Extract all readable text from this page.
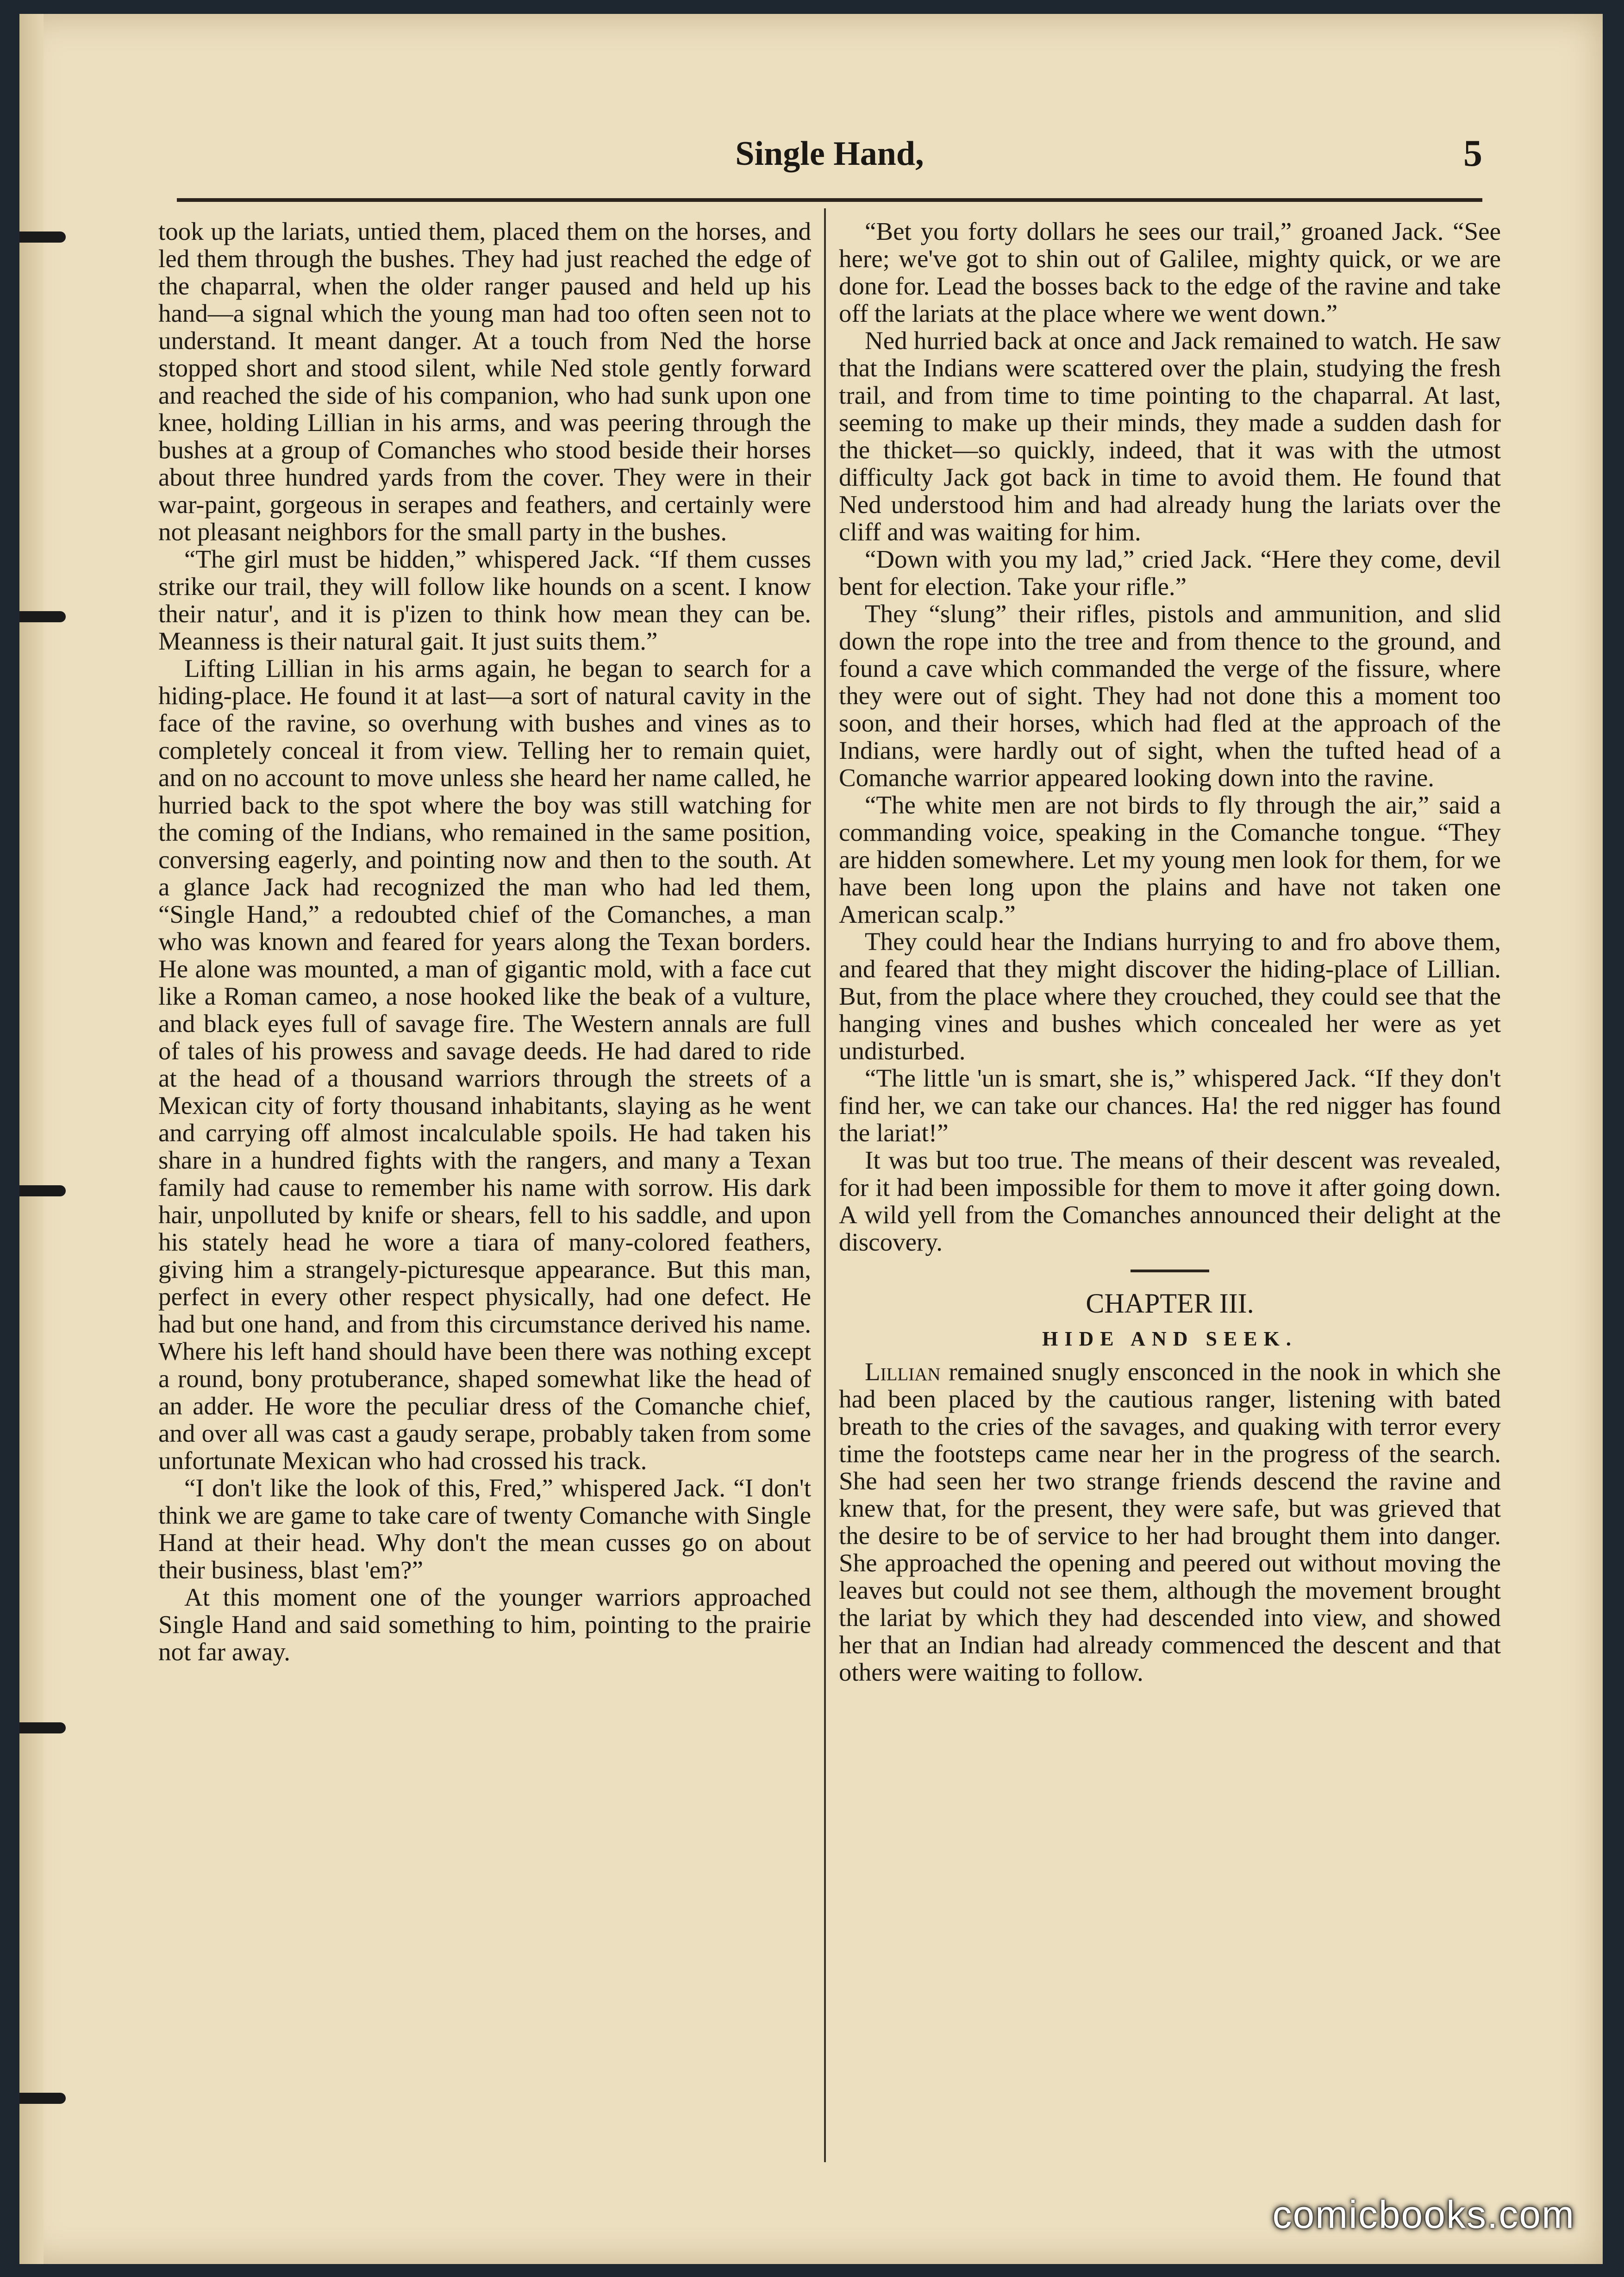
Single Hand,	5

took up the lariats, untied them, placed them on the horses, and led them through the bushes. They had just reached the edge of the chaparral, when the older ranger paused and held up his hand—a signal which the young man had too often seen not to understand. It meant danger. At a touch from Ned the horse stopped short and stood silent, while Ned stole gently forward and reached the side of his companion, who had sunk upon one knee, holding Lillian in his arms, and was peering through the bushes at a group of Comanches who stood beside their horses about three hundred yards from the cover. They were in their war-paint, gorgeous in serapes and feathers, and certainly were not pleasant neighbors for the small party in the bushes.

“The girl must be hidden,” whispered Jack. “If them cusses strike our trail, they will follow like hounds on a scent. I know their natur', and it is p'izen to think how mean they can be. Meanness is their natural gait. It just suits them.”

Lifting Lillian in his arms again, he began to search for a hiding-place. He found it at last—a sort of natural cavity in the face of the ravine, so overhung with bushes and vines as to completely conceal it from view. Telling her to remain quiet, and on no account to move unless she heard her name called, he hurried back to the spot where the boy was still watching for the coming of the Indians, who remained in the same position, conversing eagerly, and pointing now and then to the south. At a glance Jack had recognized the man who had led them, “Single Hand,” a redoubted chief of the Comanches, a man who was known and feared for years along the Texan borders. He alone was mounted, a man of gigantic mold, with a face cut like a Roman cameo, a nose hooked like the beak of a vulture, and black eyes full of savage fire. The Western annals are full of tales of his prowess and savage deeds. He had dared to ride at the head of a thousand warriors through the streets of a Mexican city of forty thousand inhabitants, slaying as he went and carrying off almost incalculable spoils. He had taken his share in a hundred fights with the rangers, and many a Texan family had cause to remember his name with sorrow. His dark hair, unpolluted by knife or shears, fell to his saddle, and upon his stately head he wore a tiara of many-colored feathers, giving him a strangely-picturesque appearance. But this man, perfect in every other respect physically, had one defect. He had but one hand, and from this circumstance derived his name. Where his left hand should have been there was nothing except a round, bony protuberance, shaped somewhat like the head of an adder. He wore the peculiar dress of the Comanche chief, and over all was cast a gaudy serape, probably taken from some unfortunate Mexican who had crossed his track.

“I don't like the look of this, Fred,” whispered Jack. “I don't think we are game to take care of twenty Comanche with Single Hand at their head. Why don't the mean cusses go on about their business, blast 'em?”

At this moment one of the younger warriors approached Single Hand and said something to him, pointing to the prairie not far away.

“Bet you forty dollars he sees our trail,” groaned Jack. “See here; we've got to shin out of Galilee, mighty quick, or we are done for. Lead the bosses back to the edge of the ravine and take off the lariats at the place where we went down.”

Ned hurried back at once and Jack remained to watch. He saw that the Indians were scattered over the plain, studying the fresh trail, and from time to time pointing to the chaparral. At last, seeming to make up their minds, they made a sudden dash for the thicket—so quickly, indeed, that it was with the utmost difficulty Jack got back in time to avoid them. He found that Ned understood him and had already hung the lariats over the cliff and was waiting for him.

“Down with you my lad,” cried Jack. “Here they come, devil bent for election. Take your rifle.”

They “slung” their rifles, pistols and ammunition, and slid down the rope into the tree and from thence to the ground, and found a cave which commanded the verge of the fissure, where they were out of sight. They had not done this a moment too soon, and their horses, which had fled at the approach of the Indians, were hardly out of sight, when the tufted head of a Comanche warrior appeared looking down into the ravine.

“The white men are not birds to fly through the air,” said a commanding voice, speaking in the Comanche tongue. “They are hidden somewhere. Let my young men look for them, for we have been long upon the plains and have not taken one American scalp.”

They could hear the Indians hurrying to and fro above them, and feared that they might discover the hiding-place of Lillian. But, from the place where they crouched, they could see that the hanging vines and bushes which concealed her were as yet undisturbed.

“The little 'un is smart, she is,” whispered Jack. “If they don't find her, we can take our chances. Ha! the red nigger has found the lariat!”

It was but too true. The means of their descent was revealed, for it had been impossible for them to move it after going down. A wild yell from the Comanches announced their delight at the discovery.

CHAPTER III.
HIDE AND SEEK.

Lillian remained snugly ensconced in the nook in which she had been placed by the cautious ranger, listening with bated breath to the cries of the savages, and quaking with terror every time the footsteps came near her in the progress of the search. She had seen her two strange friends descend the ravine and knew that, for the present, they were safe, but was grieved that the desire to be of service to her had brought them into danger. She approached the opening and peered out without moving the leaves but could not see them, although the movement brought the lariat by which they had descended into view, and showed her that an Indian had already commenced the descent and that others were waiting to follow.

comicbooks.com
